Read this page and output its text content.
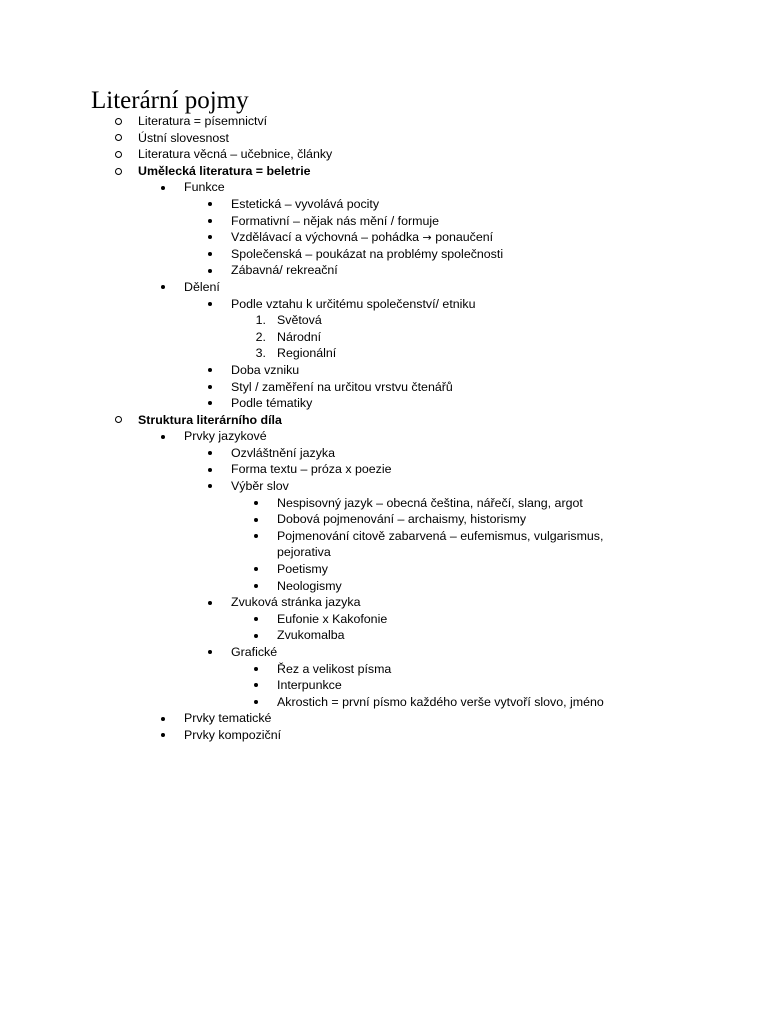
Literární pojmy
Literatura = písemnictví
Ústní slovesnost
Literatura věcná – učebnice, články
Umělecká literatura = beletrie
Funkce
Estetická – vyvolává pocity
Formativní – nějak nás mění / formuje
Vzdělávací a výchovná – pohádka → ponaučení
Společenská – poukázat na problémy společnosti
Zábavná/ rekreační
Dělení
Podle vztahu k určitému společenství/ etniku
1. Světová
2. Národní
3. Regionální
Doba vzniku
Styl / zaměření na určitou vrstvu čtenářů
Podle tématiky
Struktura literárního díla
Prvky jazykové
Ozvláštnění jazyka
Forma textu – próza x poezie
Výběr slov
Nespisovný jazyk – obecná čeština, nářečí, slang, argot
Dobová pojmenování – archaismy, historismy
Pojmenování citově zabarvená – eufemismus, vulgarismus,
pejorativa
Poetismy
Neologismy
Zvuková stránka jazyka
Eufonie x Kakofonie
Zvukomalba
Grafické
Řez a velikost písma
Interpunkce
Akrostich = první písmo každého verše vytvoří slovo, jméno
Prvky tematické
Prvky kompoziční
